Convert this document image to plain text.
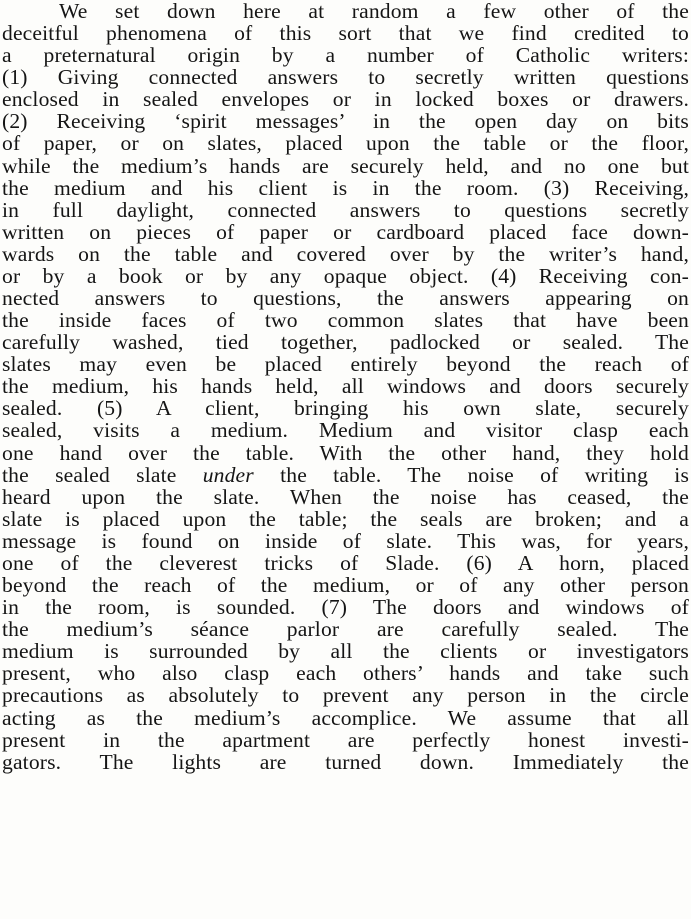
We set down here at random a few other of the
deceitful phenomena of this sort that we find credited to
a preternatural origin by a number of Catholic writers:
(1) Giving connected answers to secretly written questions
enclosed in sealed envelopes or in locked boxes or drawers.
(2) Receiving ‘spirit messages’ in the open day on bits
of paper, or on slates, placed upon the table or the floor,
while the medium’s hands are securely held, and no one but
the medium and his client is in the room. (3) Receiving,
in full daylight, connected answers to questions secretly
written on pieces of paper or cardboard placed face down-
wards on the table and covered over by the writer’s hand,
or by a book or by any opaque object. (4) Receiving con-
nected answers to questions, the answers appearing on
the inside faces of two common slates that have been
carefully washed, tied together, padlocked or sealed. The
slates may even be placed entirely beyond the reach of
the medium, his hands held, all windows and doors securely
sealed. (5) A client, bringing his own slate, securely
sealed, visits a medium. Medium and visitor clasp each
one hand over the table. With the other hand, they hold
the sealed slate under the table. The noise of writing is
heard upon the slate. When the noise has ceased, the
slate is placed upon the table; the seals are broken; and a
message is found on inside of slate. This was, for years,
one of the cleverest tricks of Slade. (6) A horn, placed
beyond the reach of the medium, or of any other person
in the room, is sounded. (7) The doors and windows of
the medium’s séance parlor are carefully sealed. The
medium is surrounded by all the clients or investigators
present, who also clasp each others’ hands and take such
precautions as absolutely to prevent any person in the circle
acting as the medium’s accomplice. We assume that all
present in the apartment are perfectly honest investi-
gators. The lights are turned down. Immediately the
